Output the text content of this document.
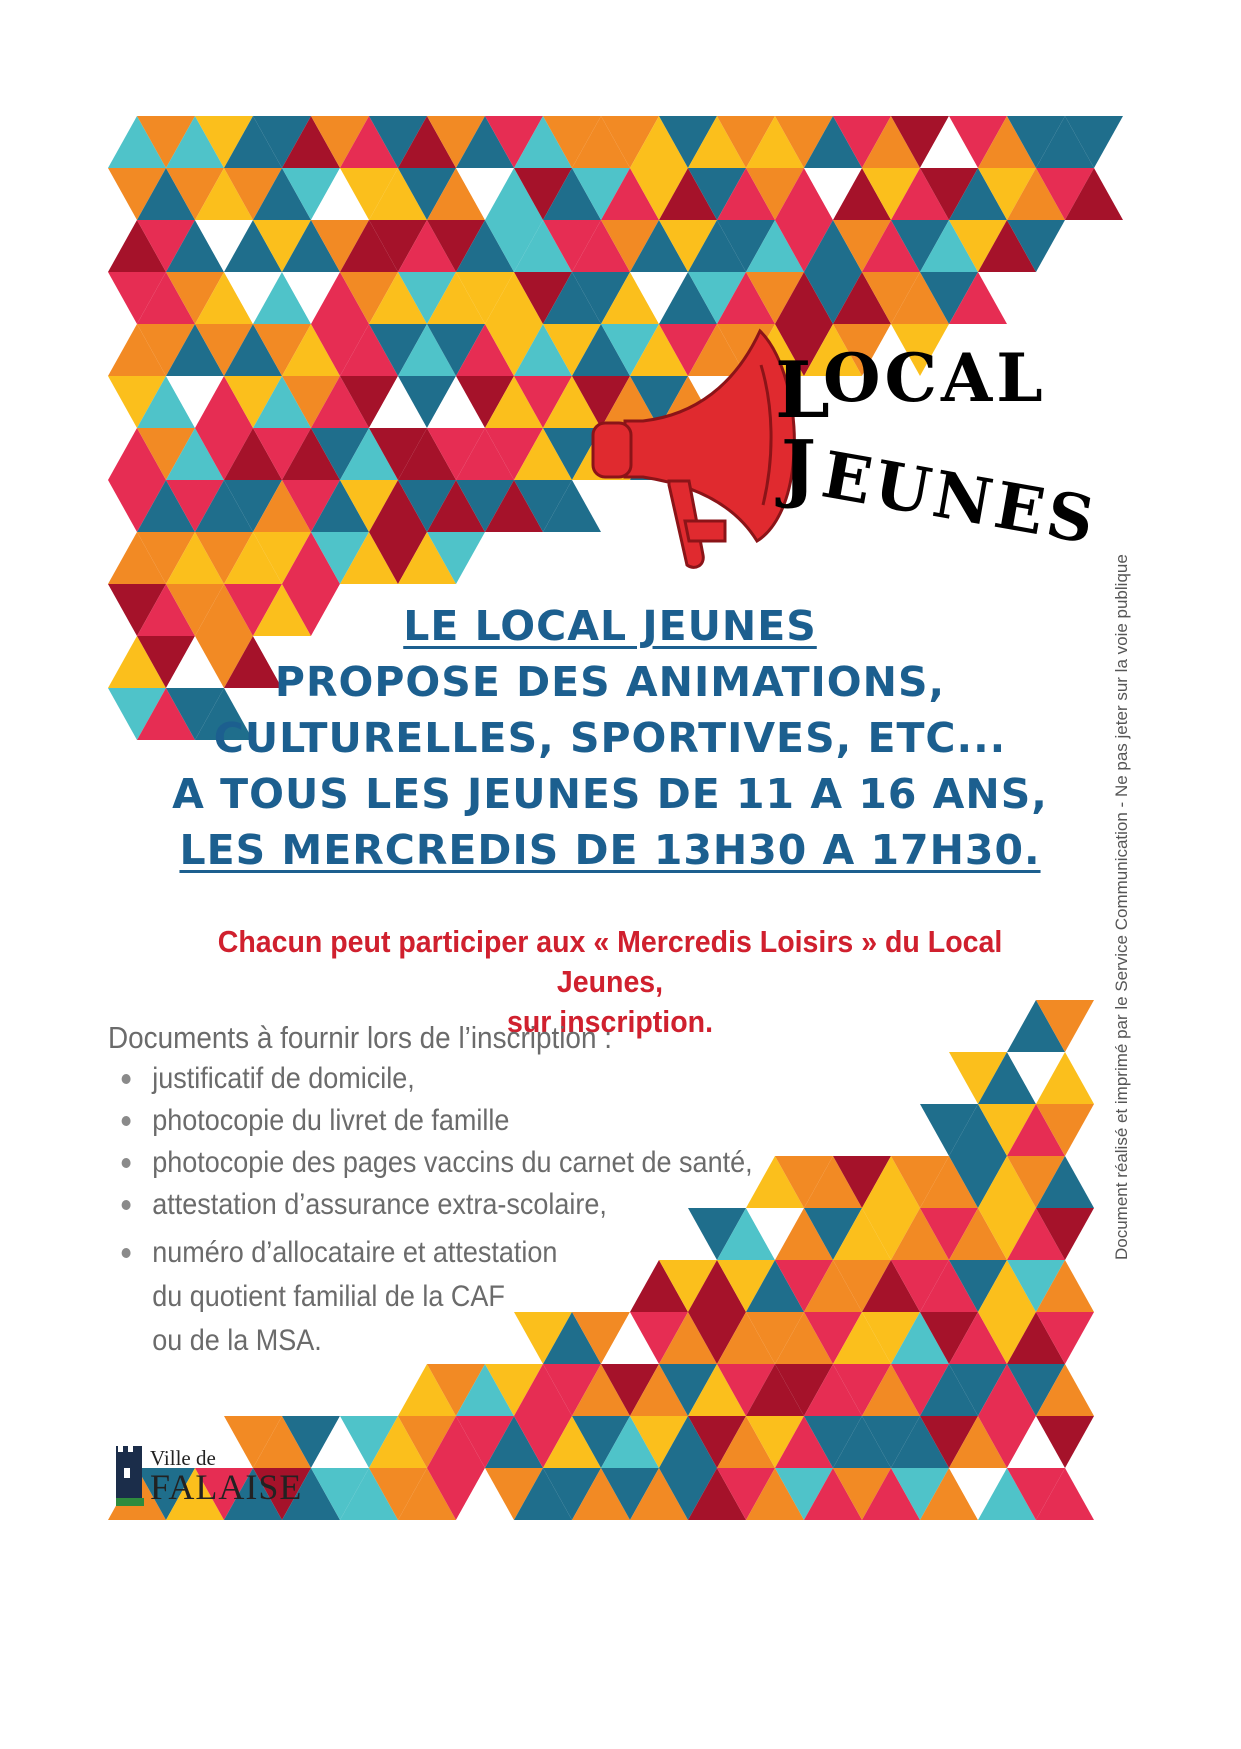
L
OCAL
J
EUNES
LE LOCAL JEUNES
PROPOSE DES ANIMATIONS,
CULTURELLES, SPORTIVES, ETC...
A TOUS LES JEUNES DE 11 A 16 ANS,
LES MERCREDIS DE 13H30 A 17H30.
Chacun peut participer aux « Mercredis Loisirs » du Local Jeunes,
sur inscription.
Documents à fournir lors de l’inscription :
justificatif de domicile,
photocopie du livret de famille
photocopie des pages vaccins du carnet de santé,
attestation d’assurance extra-scolaire,
numéro d’allocataire et attestation
du quotient familial de la CAF
ou de la MSA.
Ville de
FALAISE
Document réalisé et imprimé par le Service Communication - Ne pas jeter sur la voie publique
